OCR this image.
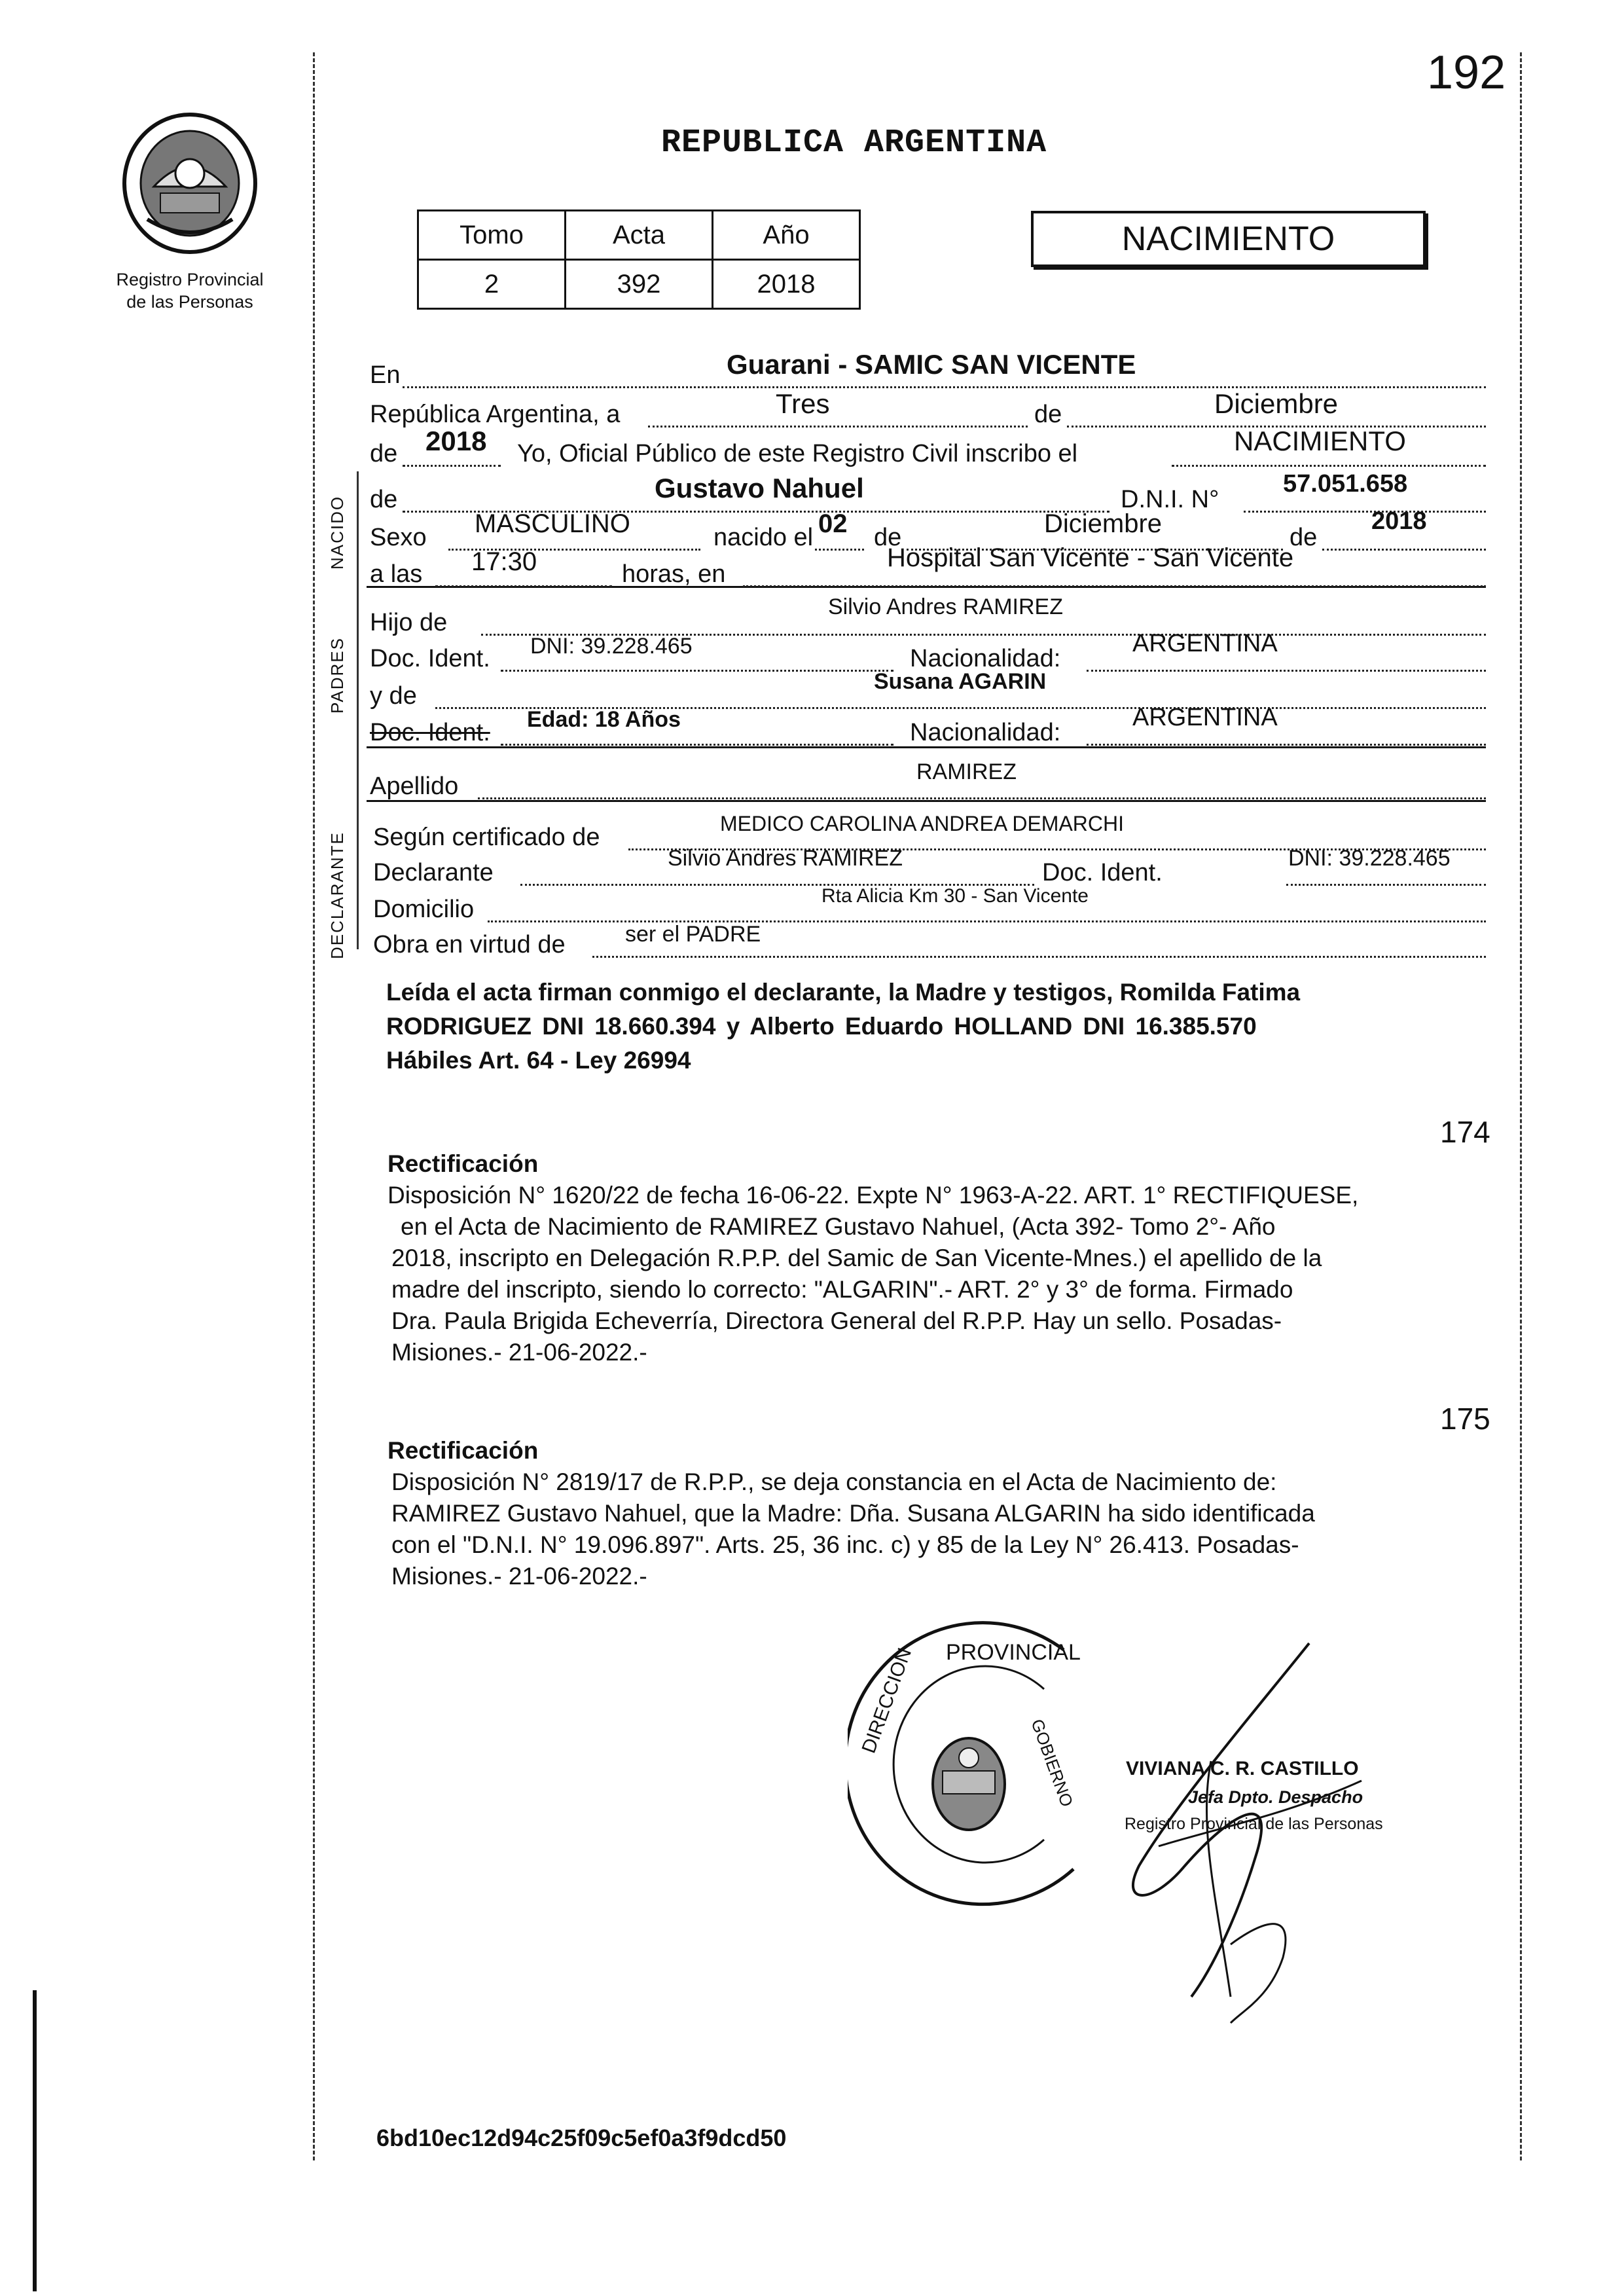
192
Registro Provincial
de las Personas
REPUBLICA ARGENTINA
Tomo	Acta	Año
2	392	2018
NACIMIENTO
NACIDO
PADRES
DECLARANTE
En	Guarani - SAMIC SAN VICENTE
República Argentina, a	Tres	de	Diciembre
de 2018 Yo, Oficial Público de este Registro Civil inscribo el	NACIMIENTO
de	Gustavo Nahuel	D.N.I. N°
57.051.658
Sexo MASCULINO	nacido el 02 de	Diciembre	de
2018
a las 17:30	horas, en
Hospital San Vicente - San Vicente
Hijo de
Silvio Andres RAMIREZ
Doc. Ident. DNI: 39.228.465	Nacionalidad:
ARGENTINA
y de
Susana AGARIN
Doc. Ident. Edad: 18 Años	Nacionalidad:
ARGENTINA
Apellido
RAMIREZ
Según certificado de	MEDICO CAROLINA ANDREA DEMARCHI
Declarante
Silvio Andres RAMIREZ
Doc. Ident.
DNI: 39.228.465
Domicilio	Rta Alicia Km 30 - San Vicente
Obra en virtud de	ser el PADRE
Leída el acta firman conmigo el declarante, la Madre y testigos, Romilda Fatima
RODRIGUEZ DNI 18.660.394 y Alberto Eduardo HOLLAND DNI 16.385.570
Hábiles Art. 64 - Ley 26994
174
Rectificación
Disposición N° 1620/22 de fecha 16-06-22. Expte N° 1963-A-22. ART. 1° RECTIFIQUESE,
en el Acta de Nacimiento de RAMIREZ Gustavo Nahuel, (Acta 392- Tomo 2°- Año
2018, inscripto en Delegación R.P.P. del Samic de San Vicente-Mnes.) el apellido de la
madre del inscripto, siendo lo correcto: "ALGARIN".- ART. 2° y 3° de forma. Firmado
Dra. Paula Brigida Echeverría, Directora General del R.P.P. Hay un sello. Posadas-
Misiones.- 21-06-2022.-
175
Rectificación
Disposición N° 2819/17 de R.P.P., se deja constancia en el Acta de Nacimiento de:
RAMIREZ Gustavo Nahuel, que la Madre: Dña. Susana ALGARIN ha sido identificada
con el "D.N.I. N° 19.096.897". Arts. 25, 36 inc. c) y 85 de la Ley N° 26.413. Posadas-
Misiones.- 21-06-2022.-
DIRECCION PROVINCIAL
GOBIERNO VIVIANA C. R. CASTILLO
Jefa Dpto. Despacho
Registro Provincial de las Personas
6bd10ec12d94c25f09c5ef0a3f9dcd50
